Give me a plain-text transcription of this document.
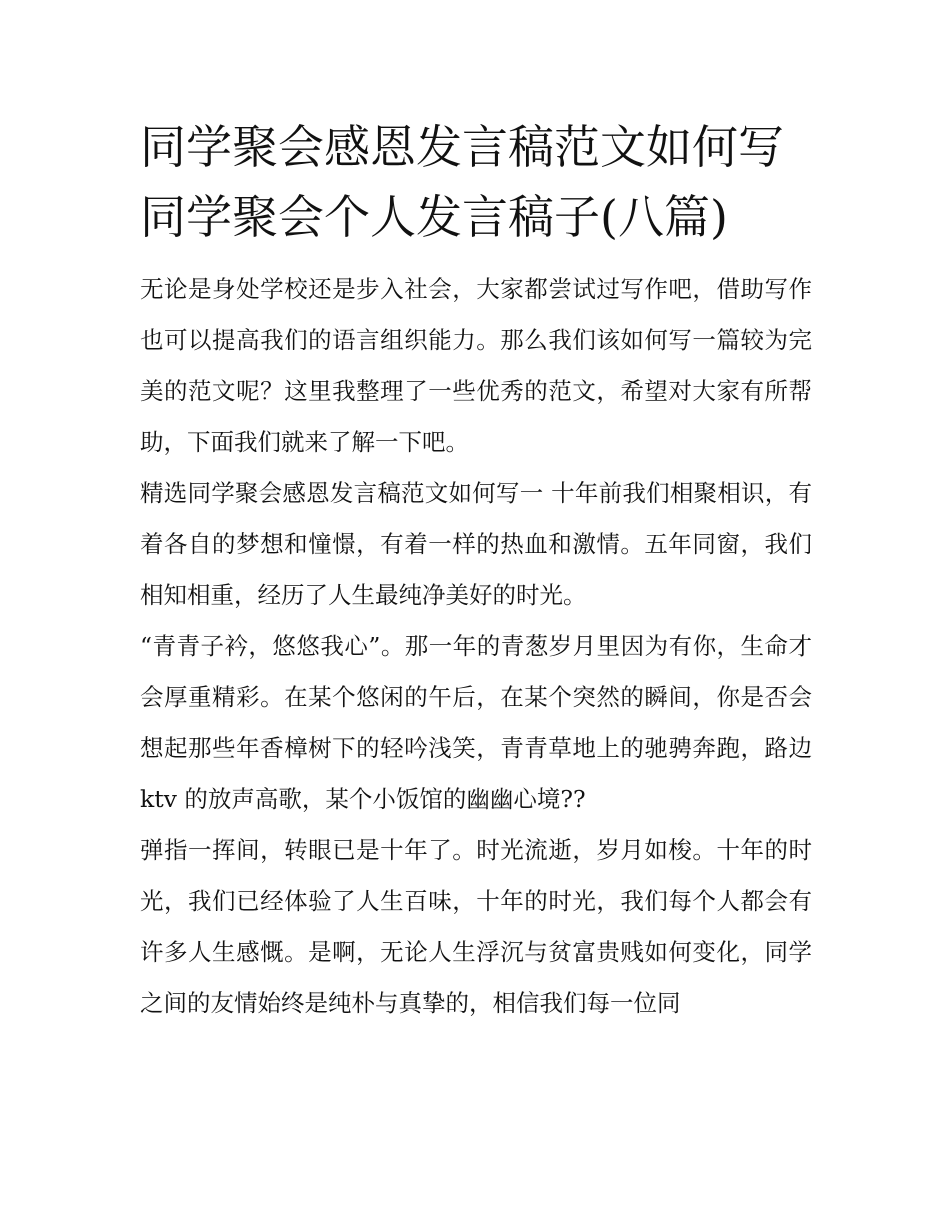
同学聚会感恩发言稿范文如何写 同学聚会个人发言稿子(八篇)

无论是身处学校还是步入社会，大家都尝试过写作吧，借助写作也可以提高我们的语言组织能力。那么我们该如何写一篇较为完美的范文呢？这里我整理了一些优秀的范文，希望对大家有所帮助，下面我们就来了解一下吧。

精选同学聚会感恩发言稿范文如何写一 十年前我们相聚相识，有着各自的梦想和憧憬，有着一样的热血和激情。五年同窗，我们相知相重，经历了人生最纯净美好的时光。

“青青子衿，悠悠我心”。那一年的青葱岁月里因为有你，生命才会厚重精彩。在某个悠闲的午后，在某个突然的瞬间，你是否会想起那些年香樟树下的轻吟浅笑，青青草地上的驰骋奔跑，路边 ktv 的放声高歌，某个小饭馆的幽幽心境??

弹指一挥间，转眼已是十年了。时光流逝，岁月如梭。十年的时光，我们已经体验了人生百味，十年的时光，我们每个人都会有许多人生感慨。是啊，无论人生浮沉与贫富贵贱如何变化，同学之间的友情始终是纯朴与真挚的，相信我们每一位同
